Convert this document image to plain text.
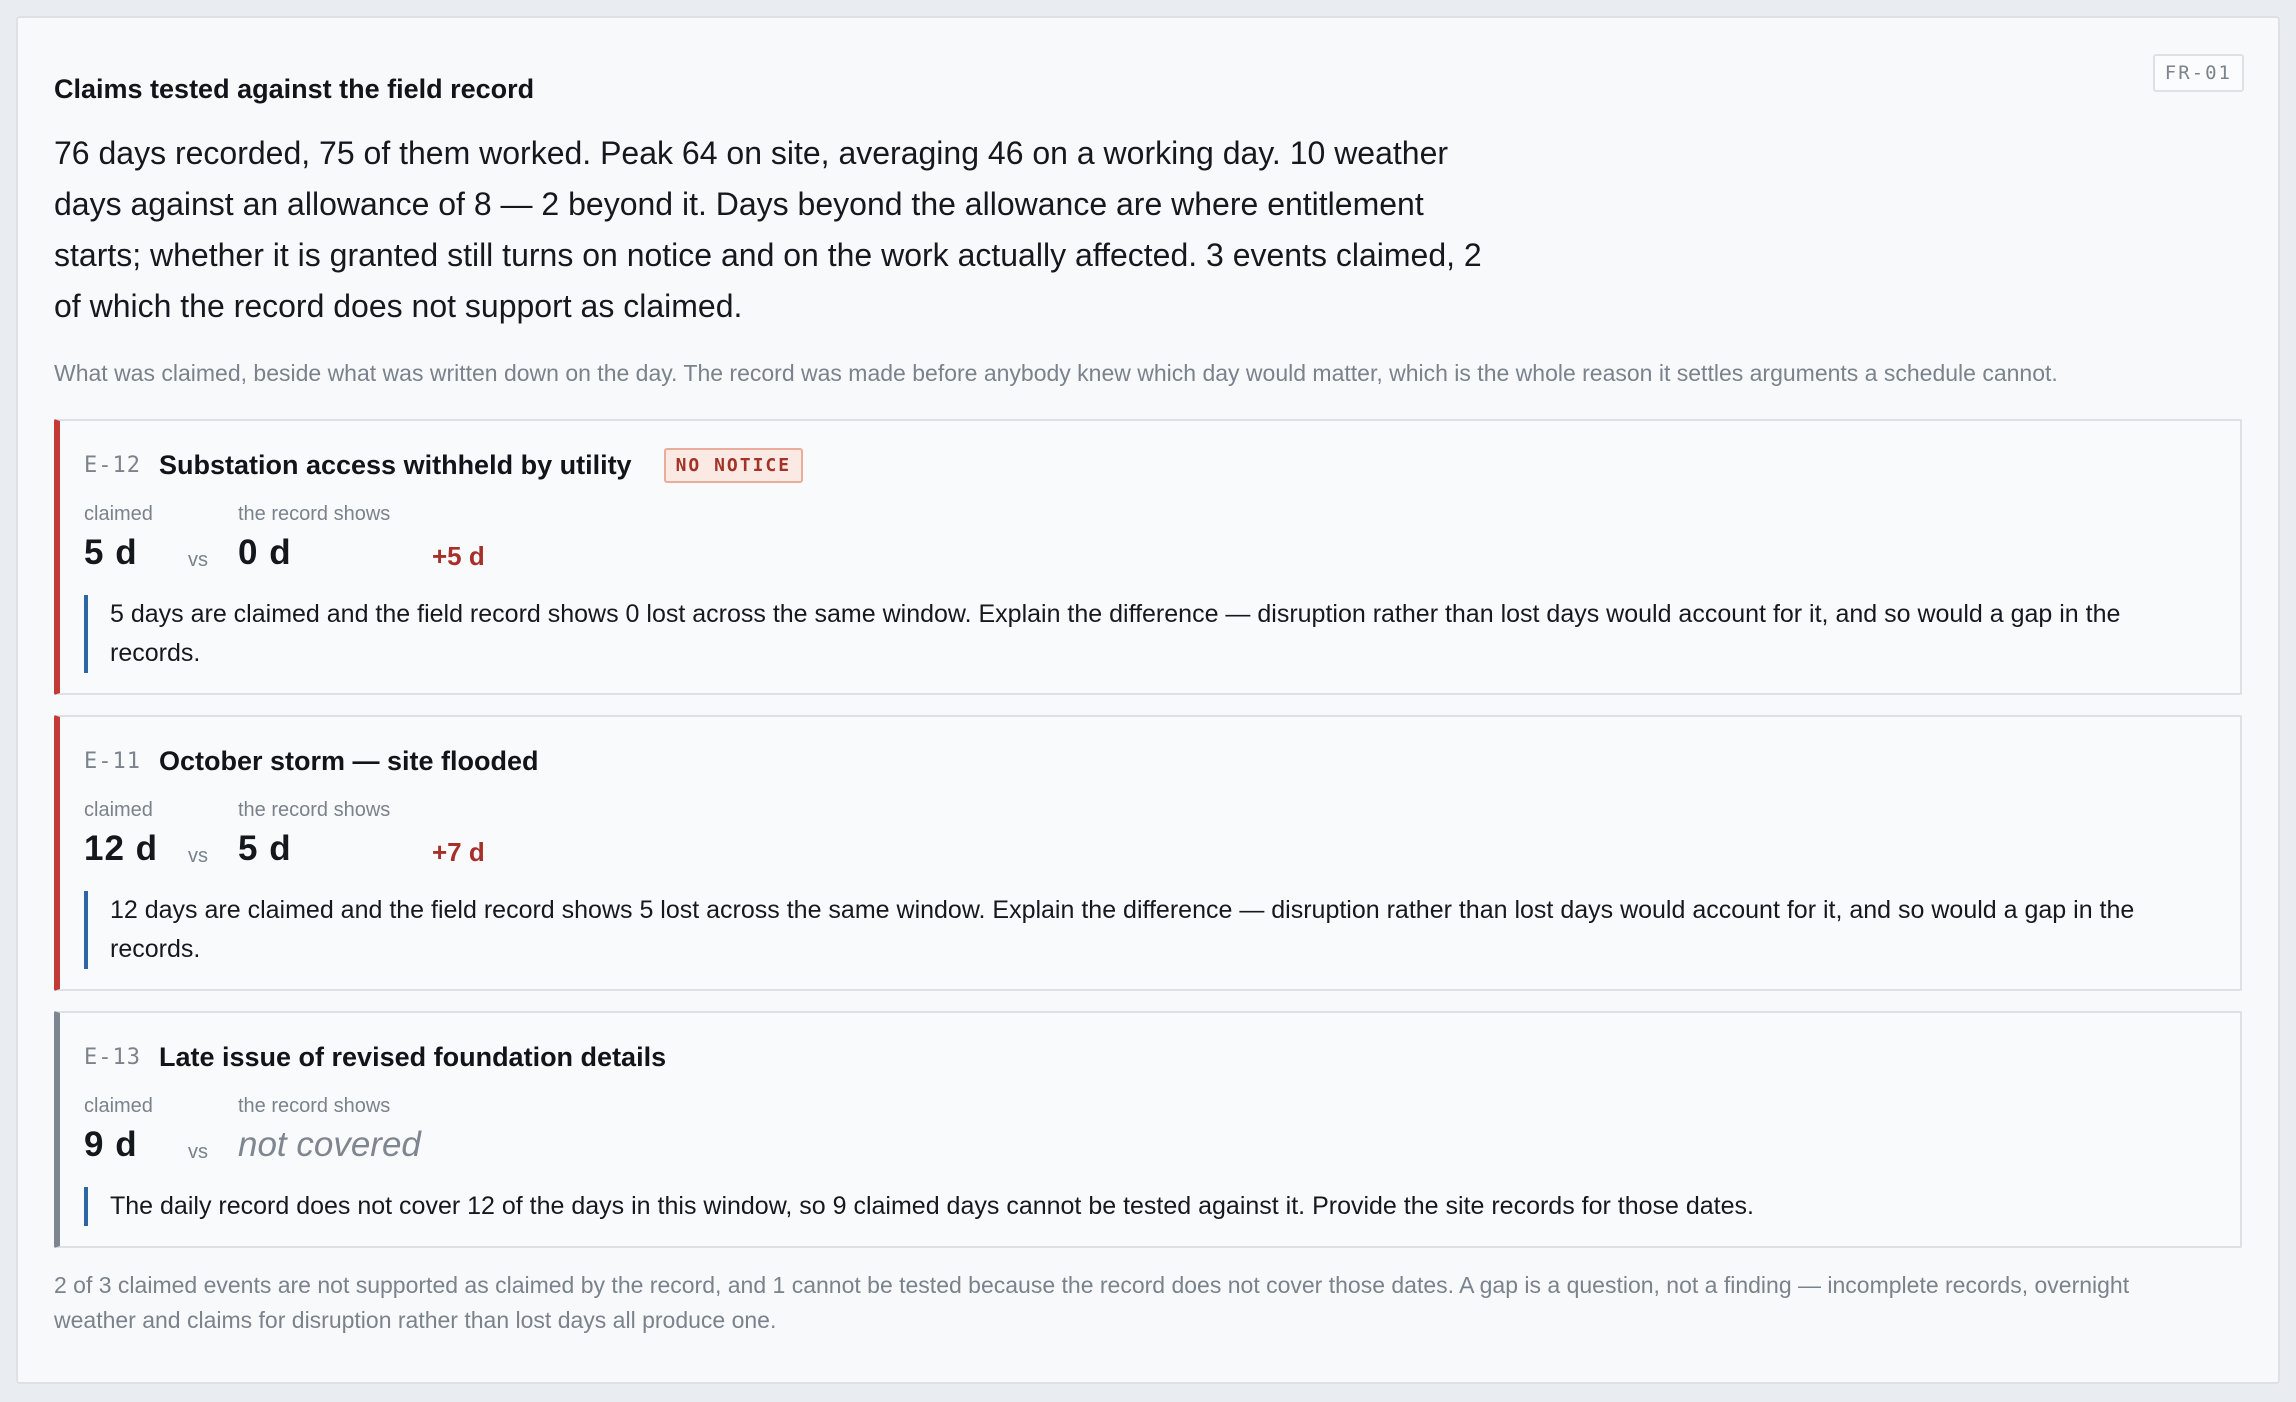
FR-01
Claims tested against the field record

76 days recorded, 75 of them worked. Peak 64 on site, averaging 46 on a working day. 10 weather days against an allowance of 8 — 2 beyond it. Days beyond the allowance are where entitlement starts; whether it is granted still turns on notice and on the work actually affected. 3 events claimed, 2 of which the record does not support as claimed.

What was claimed, beside what was written down on the day. The record was made before anybody knew which day would matter, which is the whole reason it settles arguments a schedule cannot.

E-12 Substation access withheld by utility	NO NOTICE
claimed	the record shows
5 d	vs 0 d	+5 d

5 days are claimed and the field record shows 0 lost across the same window. Explain the difference — disruption rather than lost days would account for it, and so would a gap in the records.

E-11 October storm — site flooded
claimed	the record shows
12 d vs 5 d	+7 d

12 days are claimed and the field record shows 5 lost across the same window. Explain the difference — disruption rather than lost days would account for it, and so would a gap in the records.

E-13 Late issue of revised foundation details
claimed	the record shows
9 d	vs not covered

The daily record does not cover 12 of the days in this window, so 9 claimed days cannot be tested against it. Provide the site records for those dates.

2 of 3 claimed events are not supported as claimed by the record, and 1 cannot be tested because the record does not cover those dates. A gap is a question, not a finding — incomplete records, overnight weather and claims for disruption rather than lost days all produce one.
